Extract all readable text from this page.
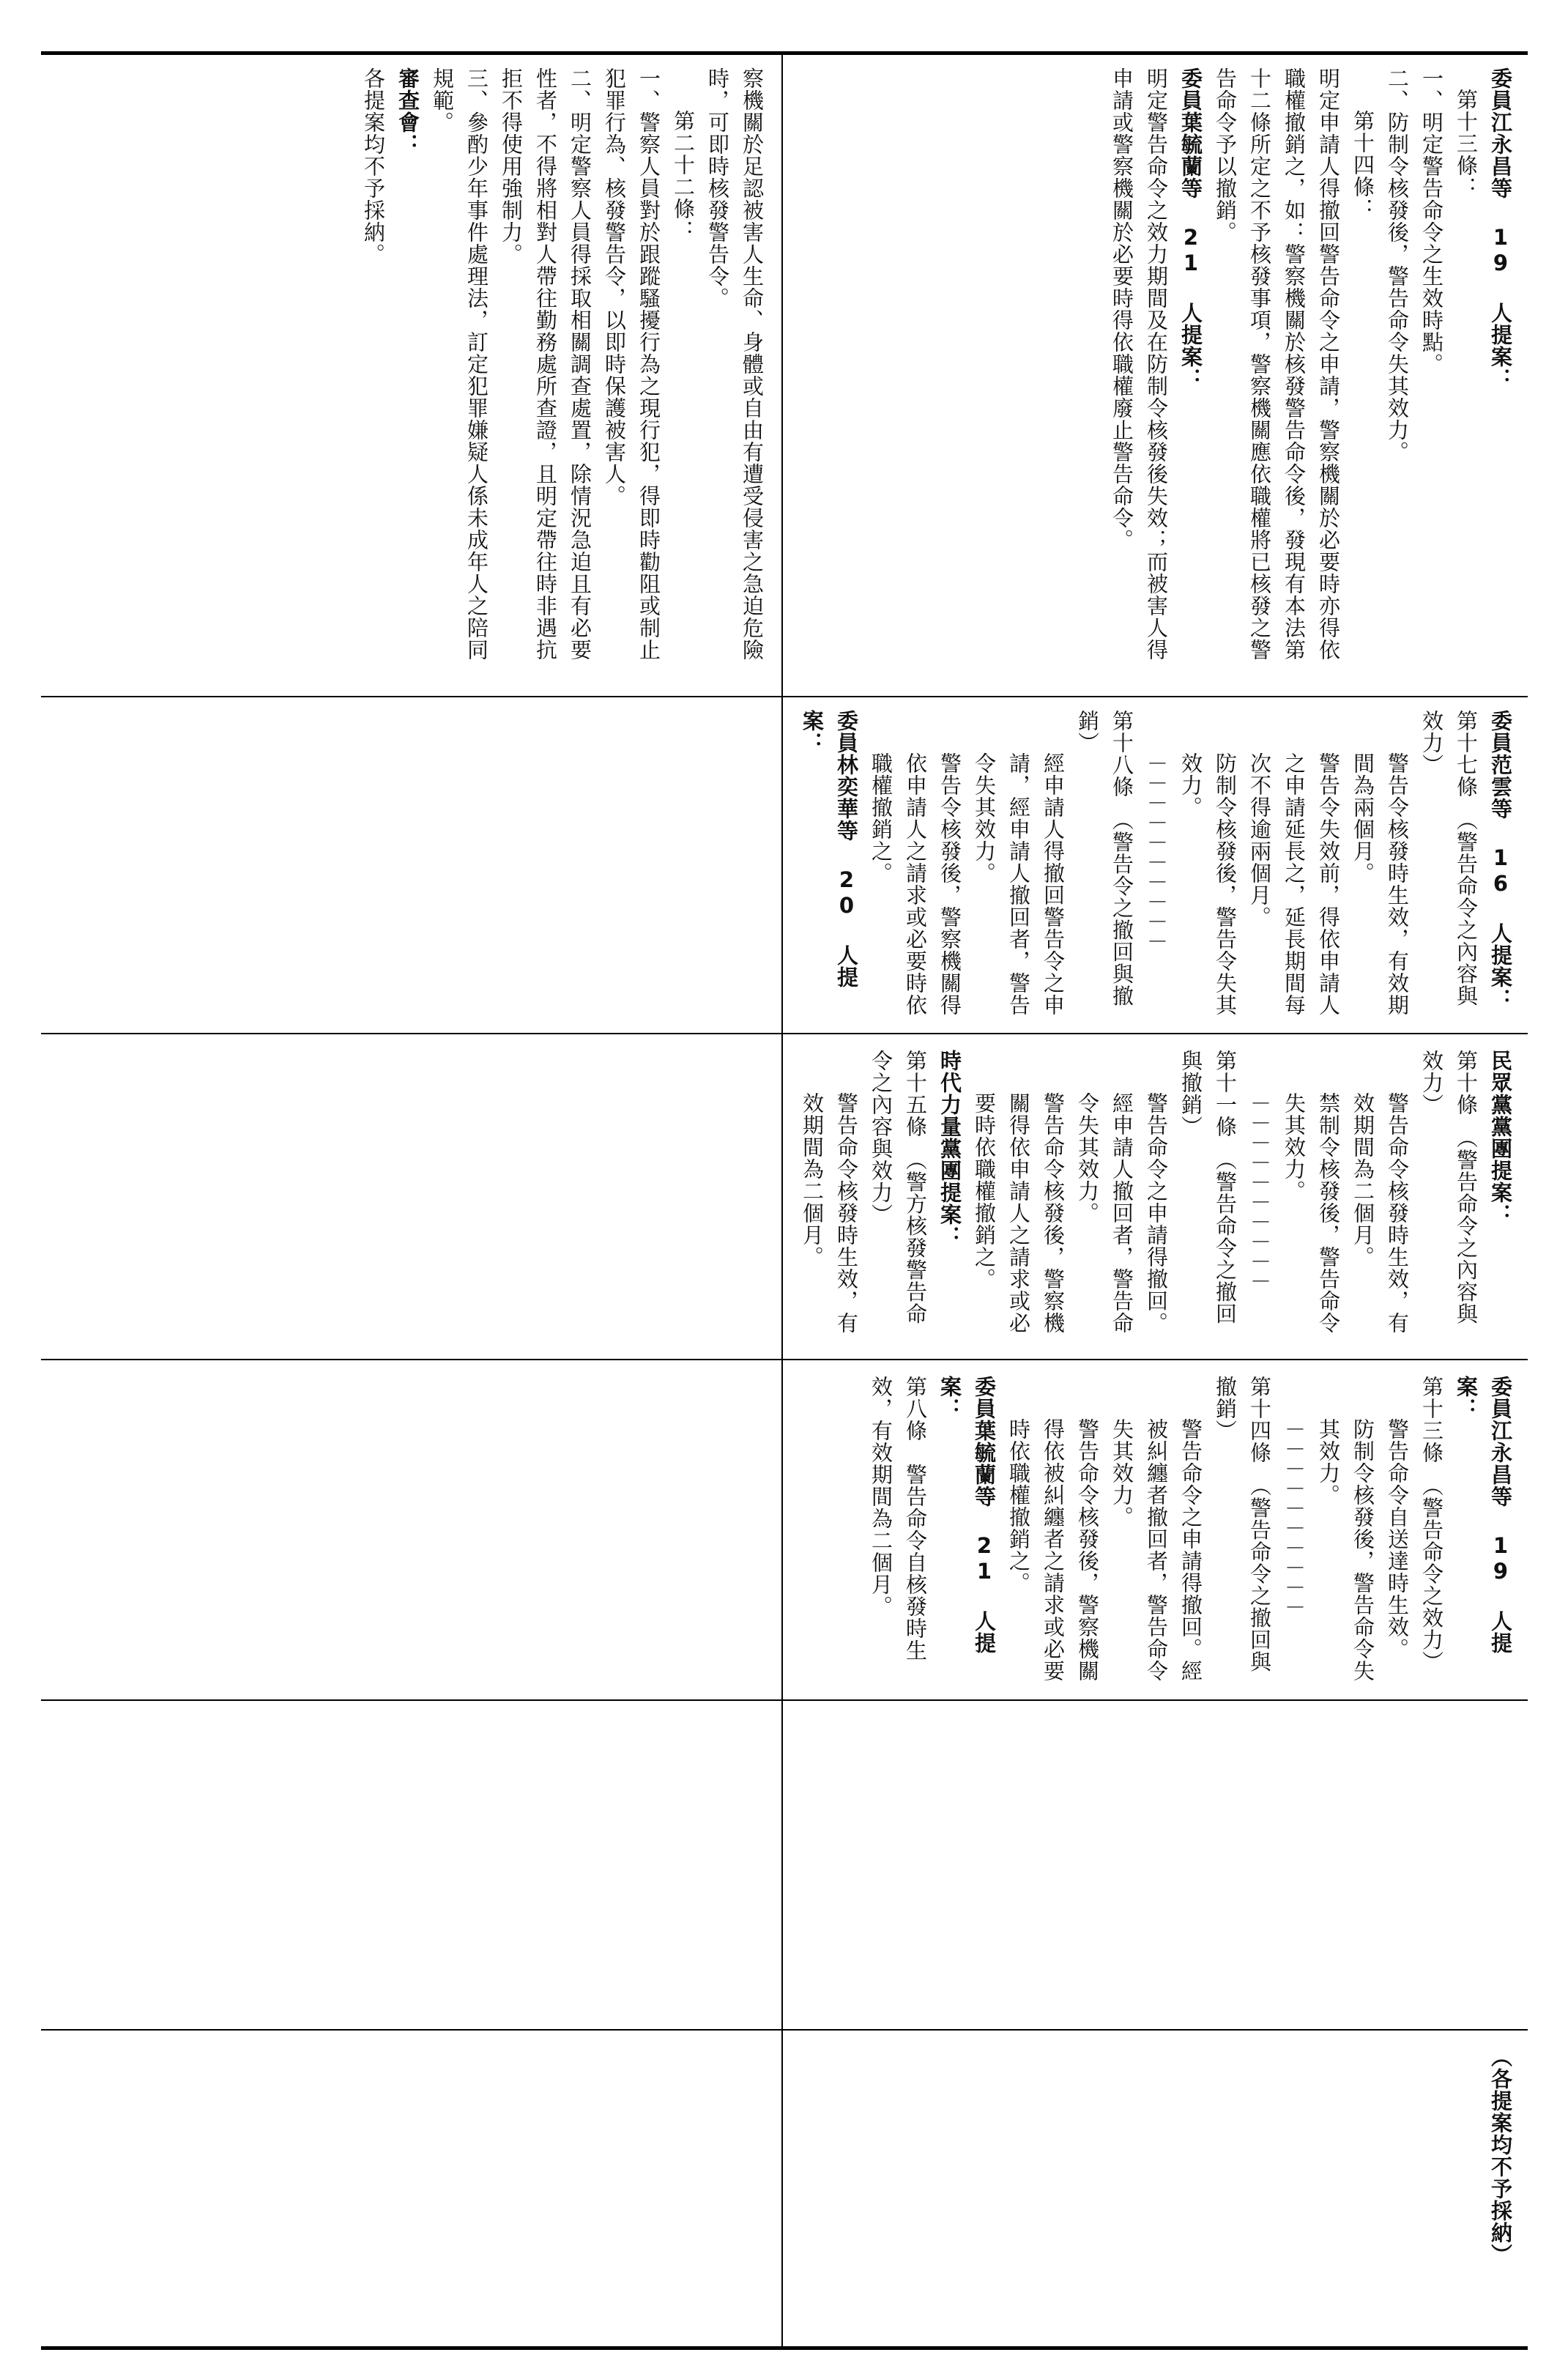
察機關於足認被害人生命、身體或自由有遭受侵害之急迫危險時，可即時核發警告令。
第二十二條：
一、警察人員對於跟蹤騷擾行為之現行犯，得即時勸阻或制止犯罪行為、核發警告令，以即時保護被害人。
二、明定警察人員得採取相關調查處置，除情況急迫且有必要性者，不得將相對人帶往勤務處所查證，且明定帶往時非遇抗拒不得使用強制力。
三、參酌少年事件處理法，訂定犯罪嫌疑人係未成年人之陪同規範。
審查會：
各提案均不予採納。	委員江永昌等 19 人提案：
第十三條：
一、明定警告命令之生效時點。
二、防制令核發後，警告命令失其效力。
第十四條：
明定申請人得撤回警告命令之申請，警察機關於必要時亦得依職權撤銷之，如：警察機關於核發警告命令後，發現有本法第十二條所定之不予核發事項，警察機關應依職權將已核發之警告命令予以撤銷。
委員葉毓蘭等 21 人提案：
明定警告命令之效力期間及在防制令核發後失效；而被害人得申請或警察機關於必要時得依職權廢止警告命令。
委員范雲等 16 人提案：
第十七條　（警告命令之內容與效力）
警告令核發時生效，有效期間為兩個月。
警告令失效前，得依申請人之申請延長之，延長期間每次不得逾兩個月。
防制令核發後，警告令失其效力。
－－－－－－－－－－
第十八條　（警告令之撤回與撤銷）
經申請人得撤回警告令之申請，經申請人撤回者，警告令失其效力。
警告令核發後，警察機關得依申請人之請求或必要時依職權撤銷之。
委員林奕華等 20 人提案：
民眾黨黨團提案：
第十條　（警告命令之內容與效力）
警告命令核發時生效，有效期間為二個月。
禁制令核發後，警告命令失其效力。
－－－－－－－－－－
第十一條　（警告命令之撤回與撤銷）
警告命令之申請得撤回。經申請人撤回者，警告命令失其效力。
警告命令核發後，警察機關得依申請人之請求或必要時依職權撤銷之。
時代力量黨團提案：
第十五條　（警方核發警告命令之內容與效力）
警告命令核發時生效，有效期間為二個月。
委員江永昌等 19 人提案：
第十三條　（警告命令之效力）
警告命令自送達時生效。
防制令核發後，警告命令失其效力。
－－－－－－－－－－
第十四條　（警告命令之撤回與撤銷）
警告命令之申請得撤回。經被糾纏者撤回者，警告命令失其效力。
警告命令核發後，警察機關得依被糾纏者之請求或必要時依職權撤銷之。
委員葉毓蘭等 21 人提案：
第八條　警告命令自核發時生效，有效期間為二個月。
（各提案均不予採納）
